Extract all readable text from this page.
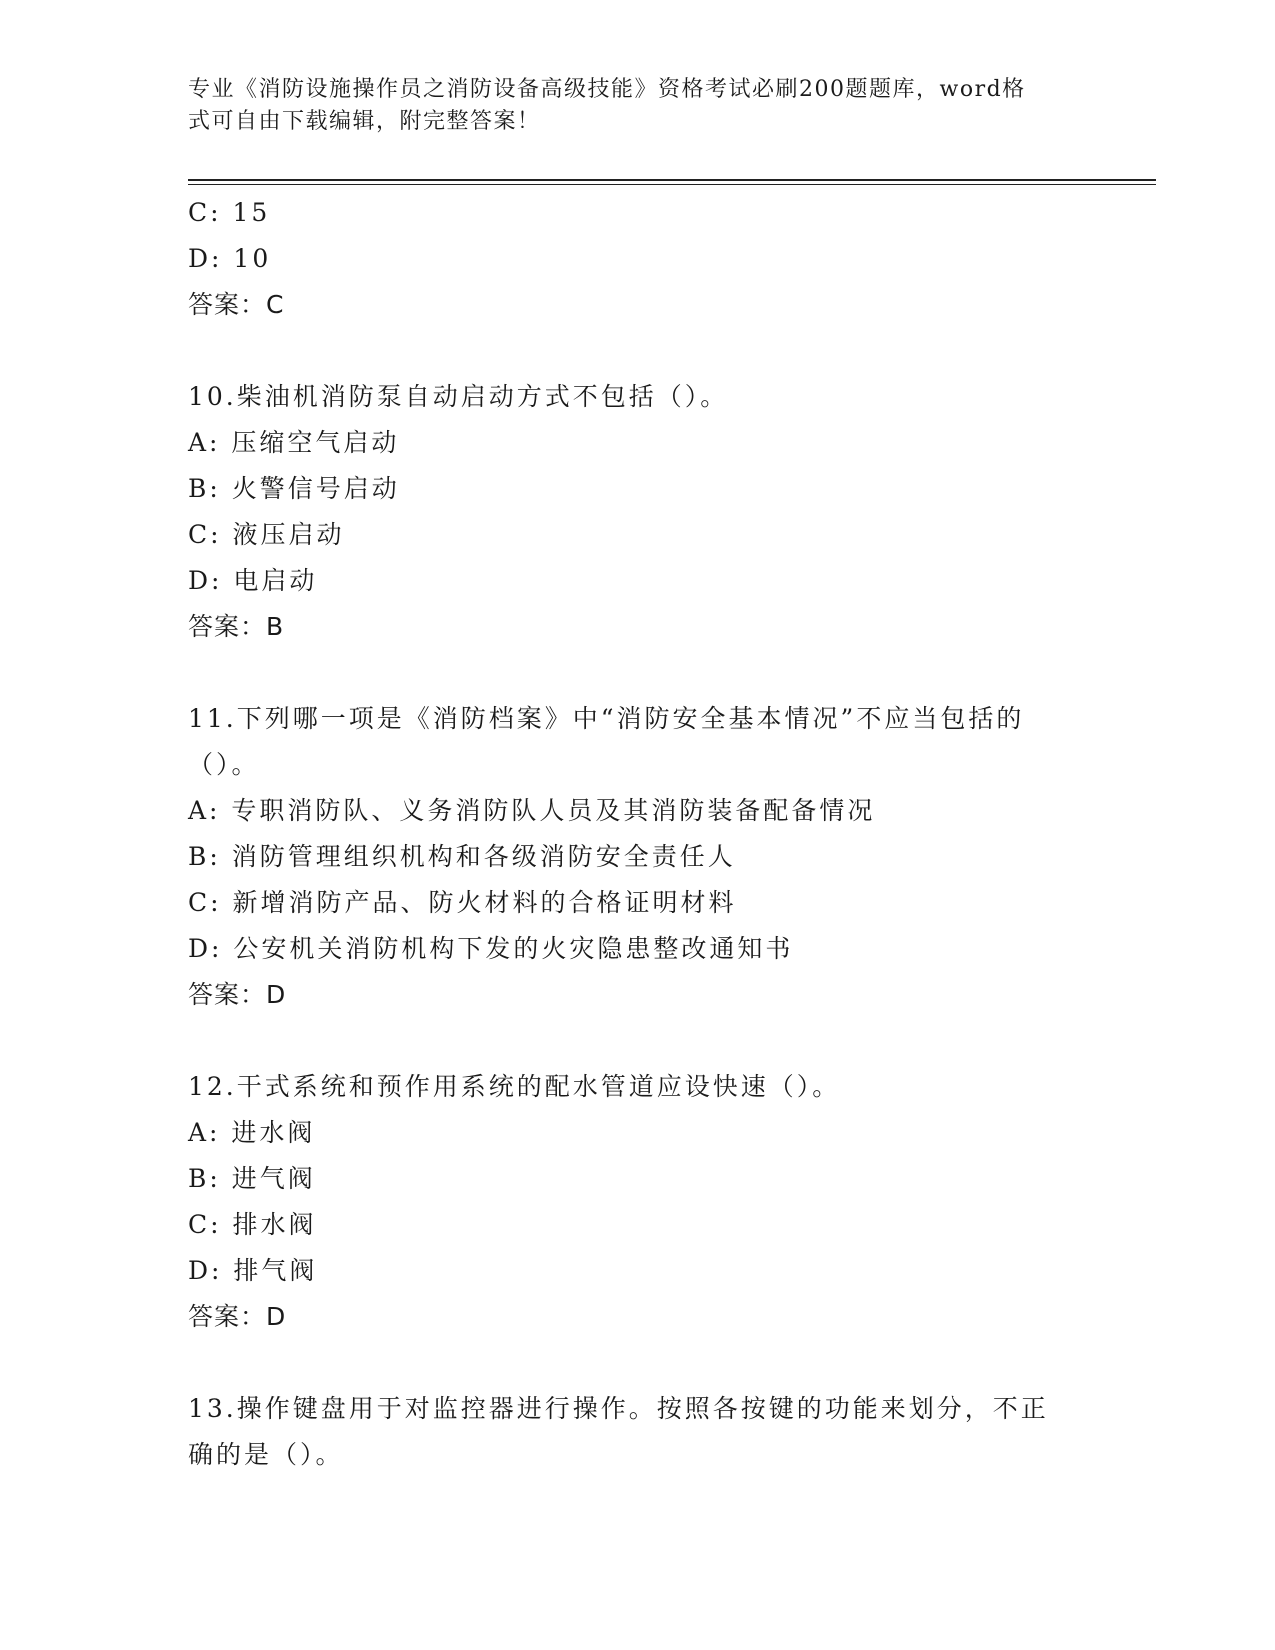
专业《消防设施操作员之消防设备高级技能》资格考试必刷200题题库，word格
式可自由下载编辑，附完整答案！
C: 15
D: 10
答案：C
10.柴油机消防泵自动启动方式不包括（）。
A: 压缩空气启动
B: 火警信号启动
C: 液压启动
D: 电启动
答案：B
11.下列哪一项是《消防档案》中“消防安全基本情况”不应当包括的
（）。
A: 专职消防队、义务消防队人员及其消防装备配备情况
B: 消防管理组织机构和各级消防安全责任人
C: 新增消防产品、防火材料的合格证明材料
D: 公安机关消防机构下发的火灾隐患整改通知书
答案：D
12.干式系统和预作用系统的配水管道应设快速（）。
A: 进水阀
B: 进气阀
C: 排水阀
D: 排气阀
答案：D
13.操作键盘用于对监控器进行操作。按照各按键的功能来划分，不正
确的是（）。
